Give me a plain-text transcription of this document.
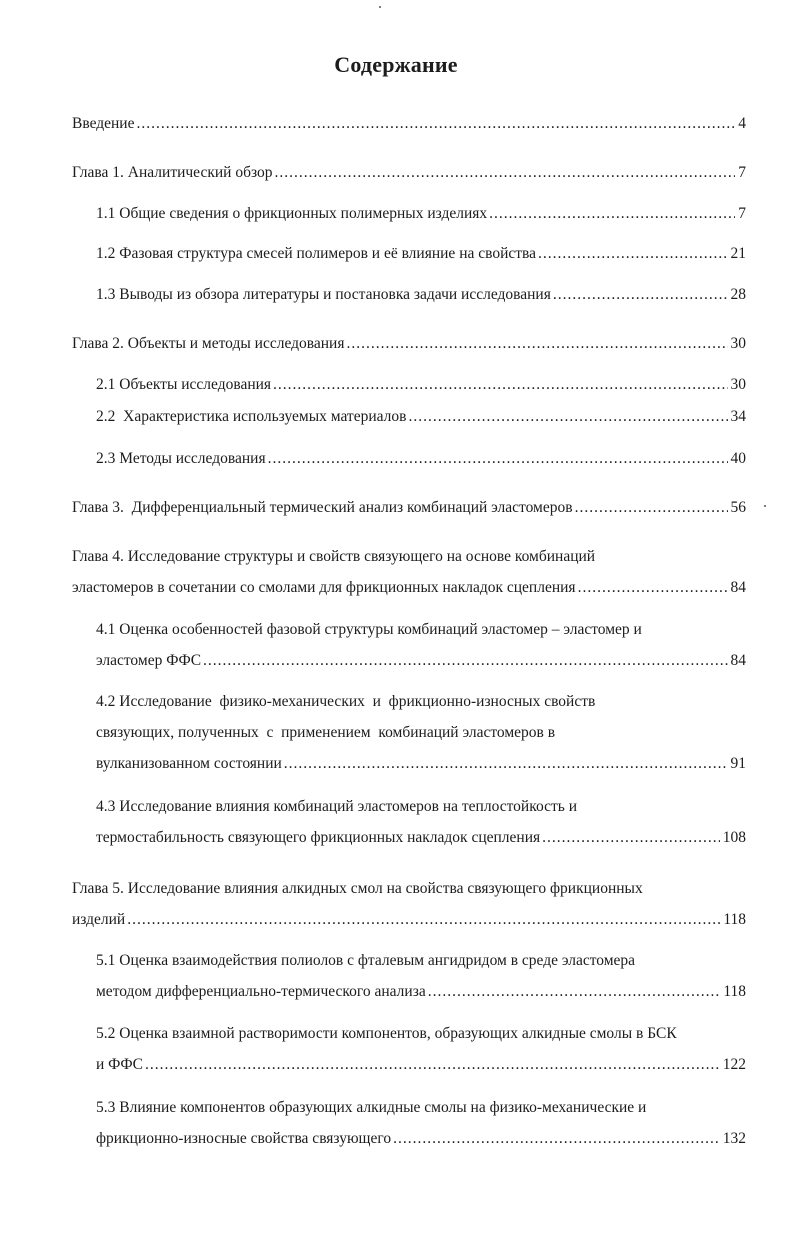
Содержание
Введение .....	4
Глава 1. Аналитический обзор .....	7
1.1 Общие сведения о фрикционных полимерных изделиях .....	7
1.2 Фазовая структура смесей полимеров и её влияние на свойства .....	21
1.3 Выводы из обзора литературы и постановка задачи исследования .....	28
Глава 2. Объекты и методы исследования .....	30
2.1 Объекты исследования .....	30
2.2  Характеристика используемых материалов .....	34
2.3 Методы исследования .....	40
Глава 3.  Дифференциальный термический анализ комбинаций эластомеров .....	56
Глава 4. Исследование структуры и свойств связующего на основе комбинаций
эластомеров в сочетании со смолами для фрикционных накладок сцепления .....	84
4.1 Оценка особенностей фазовой структуры комбинаций эластомер – эластомер и
эластомер ФФС .....	84
4.2 Исследование  физико-механических  и  фрикционно-износных свойств
связующих, полученных  с  применением  комбинаций эластомеров в
вулканизованном состоянии .....	91
4.3 Исследование влияния комбинаций эластомеров на теплостойкость и
термостабильность связующего фрикционных накладок сцепления .....	108
Глава 5. Исследование влияния алкидных смол на свойства связующего фрикционных
изделий .....	118
5.1 Оценка взаимодействия полиолов с фталевым ангидридом в среде эластомера
методом дифференциально-термического анализа .....	118
5.2 Оценка взаимной растворимости компонентов, образующих алкидные смолы в БСК
и ФФС .....	122
5.3 Влияние компонентов образующих алкидные смолы на физико-механические и
фрикционно-износные свойства связующего .....	132
